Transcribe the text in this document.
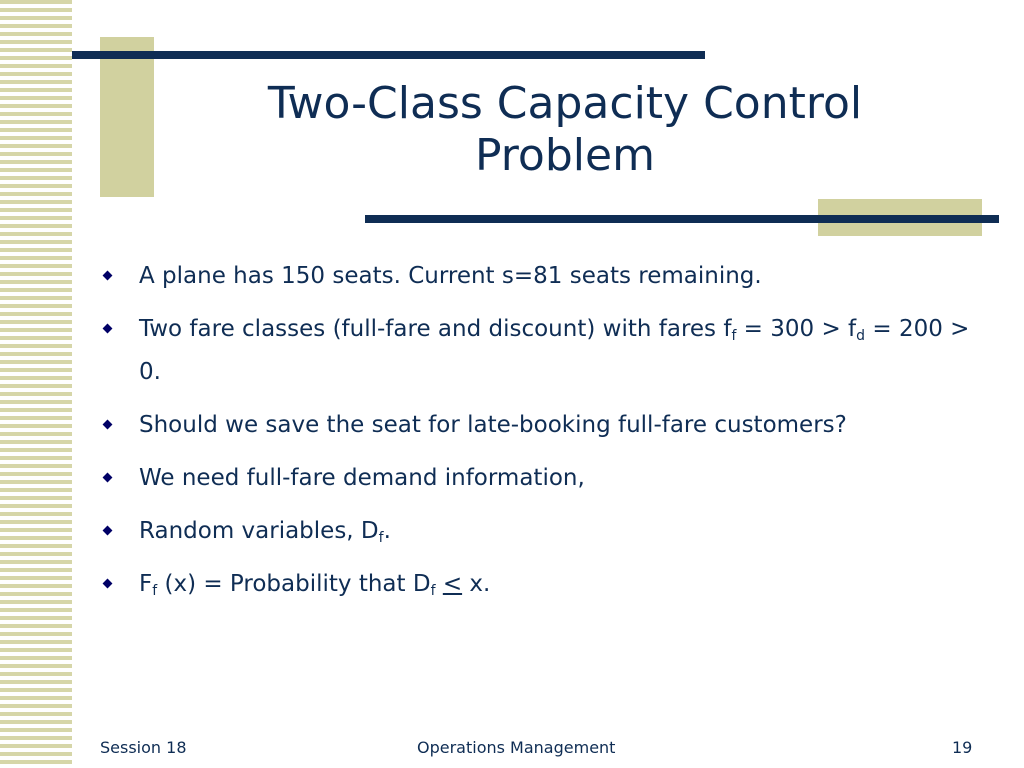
Two-Class Capacity Control Problem
A plane has 150 seats. Current s=81 seats remaining.
Two fare classes (full-fare and discount) with fares $f_f = 300 > f_d = 200 > 0$.
Should we save the seat for late-booking full-fare customers?
We need full-fare demand information,
Random variables, $D_f$.
$F_f$ (x) = Probability that $D_f \le x$.
Session 18	Operations Management	19
